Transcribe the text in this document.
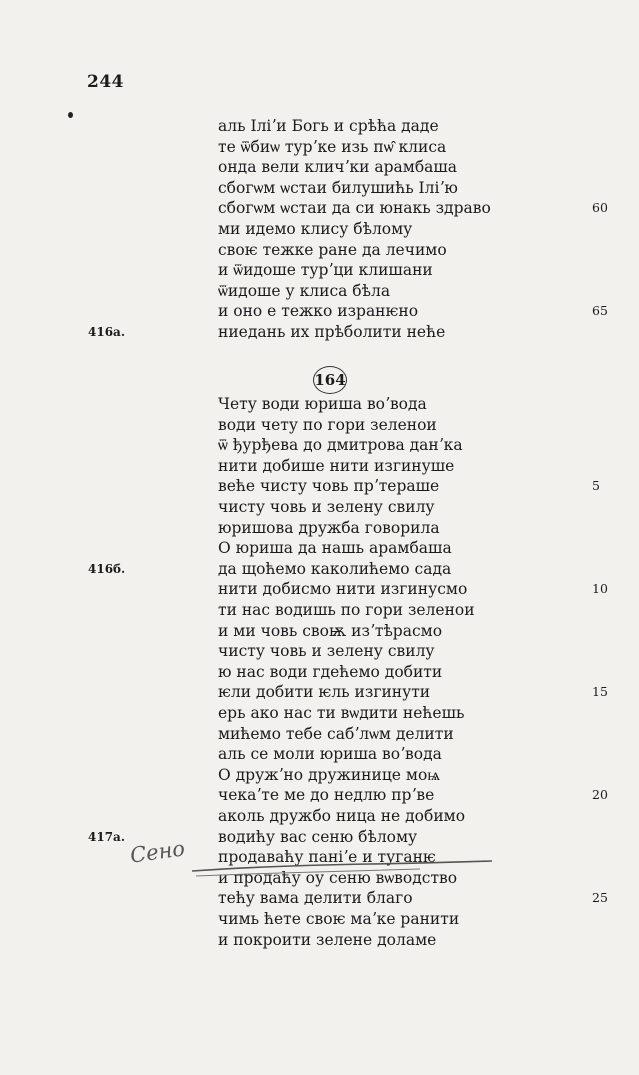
244
аль Іліʼи Богь и срѣћа даде
те ѿбиѡ турʼке изь пѡ̂ клиса
онда вели кличʼки арамбаша
сбогѡм ѡстаи билушићь Іліʼю
сбогѡм ѡстаи да си юнакь здраво
ми идемо клису бѣлому
своѥ тежке ране да лечимо
и ѿидоше турʼци клишани
ѿидоше у клиса бѣла
и оно е тежко изранѥно
ниедань их прѣболити нећe
60
65
164
Чету води юриша воʼвода
води чету по гори зеленои
ѿ ђурђева до дмитрова данʼка
нити добише нити изгинуше
веће чисту човь прʼтераше
чисту човь и зелену свилу
юришова дружба говорила
О юриша да нашь арамбаша
да щоћемо каколићемо сада
нити добисмо нити изгинусмо
ти нас водишь по гори зеленои
и ми човь своѭ изʼтѣрасмо
чисту човь и зелену свилу
ю нас води гдећемо добити
ѥли добити ѥль изгинути
ерь ако нас ти вѡдити нећешь
мићемо тебе сабʼлѡм делити
аль се моли юриша воʼвода
О дружʼно дружинице моѩ
чекаʼте ме до недлю прʼве
аколь дружбо ница не добимо
водићу вас сеню бѣлому
продаваћу паніʼе и туганѥ
и продаћу оу сеню вѡводство
тећу вама делити благо
чимь ћете своѥ маʼке ранити
и покроити зелене доламе
5
10
15
20
25
416a.
416б.
417a. Сено
